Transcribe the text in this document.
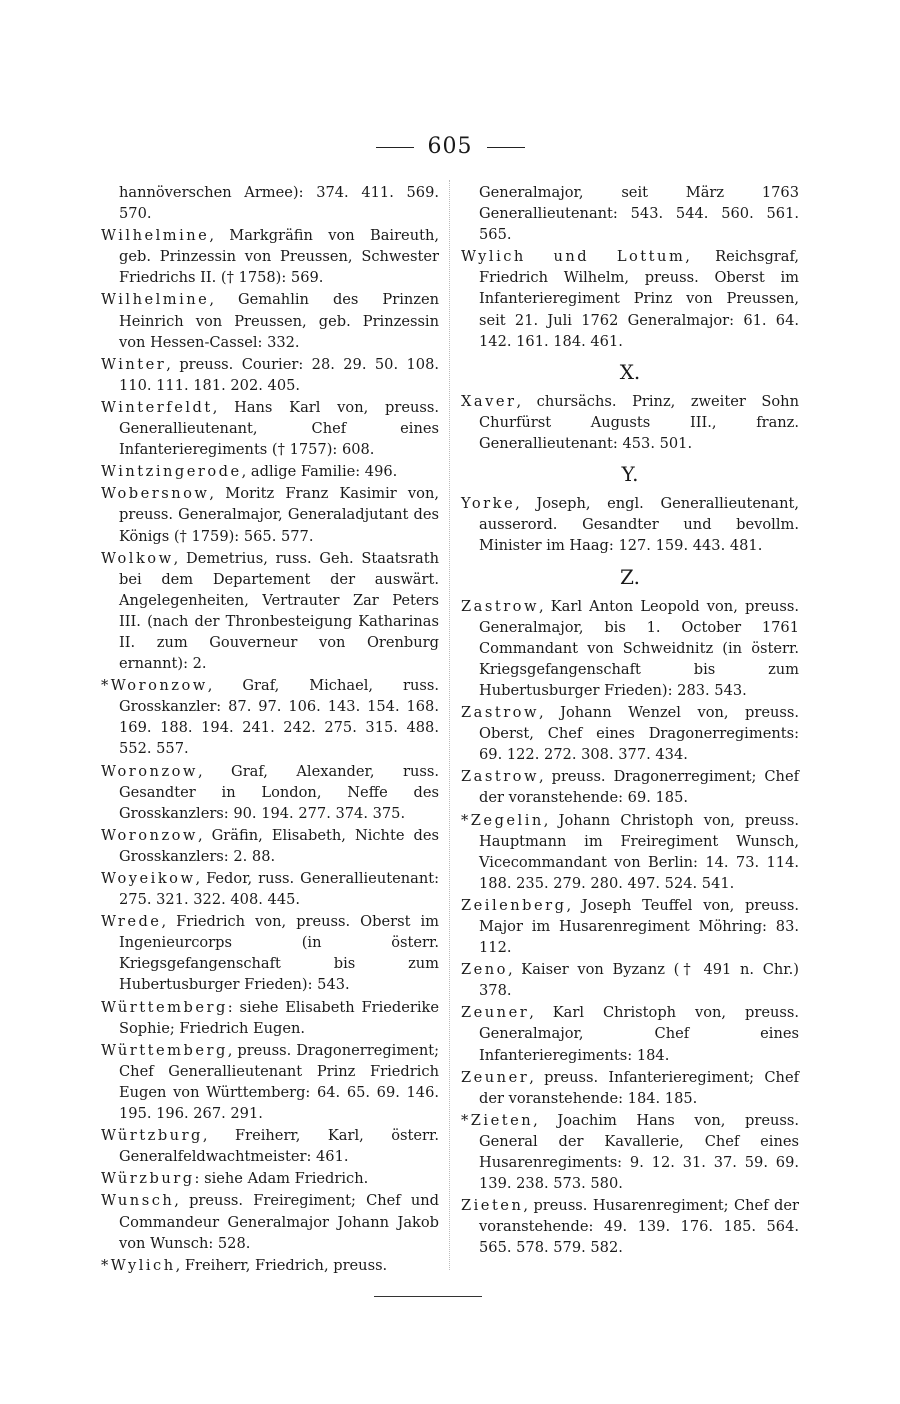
605

hannöverschen Armee): 374. 411. 569. 570.

Wilhelmine, Markgräfin von Baireuth, geb. Prinzessin von Preussen, Schwester Friedrichs II. († 1758): 569.

Wilhelmine, Gemahlin des Prinzen Heinrich von Preussen, geb. Prinzessin von Hessen-Cassel: 332.

Winter, preuss. Courier: 28. 29. 50. 108. 110. 111. 181. 202. 405.

Winterfeldt, Hans Karl von, preuss. Generallieutenant, Chef eines Infanterieregiments († 1757): 608.

Wintzingerode, adlige Familie: 496.

Wobersnow, Moritz Franz Kasimir von, preuss. Generalmajor, Generaladjutant des Königs († 1759): 565. 577.

Wolkow, Demetrius, russ. Geh. Staatsrath bei dem Departement der auswärt. Angelegenheiten, Vertrauter Zar Peters III. (nach der Thronbesteigung Katharinas II. zum Gouverneur von Orenburg ernannt): 2.

*Woronzow, Graf, Michael, russ. Grosskanzler: 87. 97. 106. 143. 154. 168. 169. 188. 194. 241. 242. 275. 315. 488. 552. 557.

Woronzow, Graf, Alexander, russ. Gesandter in London, Neffe des Grosskanzlers: 90. 194. 277. 374. 375.

Woronzow, Gräfin, Elisabeth, Nichte des Grosskanzlers: 2. 88.

Woyeikow, Fedor, russ. Generallieutenant: 275. 321. 322. 408. 445.

Wrede, Friedrich von, preuss. Oberst im Ingenieurcorps (in österr. Kriegsgefangenschaft bis zum Hubertusburger Frieden): 543.

Württemberg: siehe Elisabeth Friederike Sophie; Friedrich Eugen.

Württemberg, preuss. Dragonerregiment; Chef Generallieutenant Prinz Friedrich Eugen von Württemberg: 64. 65. 69. 146. 195. 196. 267. 291.

Würtzburg, Freiherr, Karl, österr. Generalfeldwachtmeister: 461.

Würzburg: siehe Adam Friedrich.

Wunsch, preuss. Freiregiment; Chef und Commandeur Generalmajor Johann Jakob von Wunsch: 528.

*Wylich, Freiherr, Friedrich, preuss.

Generalmajor, seit März 1763 Generallieutenant: 543. 544. 560. 561. 565.

Wylich und Lottum, Reichsgraf, Friedrich Wilhelm, preuss. Oberst im Infanterieregiment Prinz von Preussen, seit 21. Juli 1762 Generalmajor: 61. 64. 142. 161. 184. 461.

X.

Xaver, chursächs. Prinz, zweiter Sohn Churfürst Augusts III., franz. Generallieutenant: 453. 501.

Y.

Yorke, Joseph, engl. Generallieutenant, ausserord. Gesandter und bevollm. Minister im Haag: 127. 159. 443. 481.

Z.

Zastrow, Karl Anton Leopold von, preuss. Generalmajor, bis 1. October 1761 Commandant von Schweidnitz (in österr. Kriegsgefangenschaft bis zum Hubertusburger Frieden): 283. 543.

Zastrow, Johann Wenzel von, preuss. Oberst, Chef eines Dragonerregiments: 69. 122. 272. 308. 377. 434.

Zastrow, preuss. Dragonerregiment; Chef der voranstehende: 69. 185.

*Zegelin, Johann Christoph von, preuss. Hauptmann im Freiregiment Wunsch, Vicecommandant von Berlin: 14. 73. 114. 188. 235. 279. 280. 497. 524. 541.

Zeilenberg, Joseph Teuffel von, preuss. Major im Husarenregiment Möhring: 83. 112.

Zeno, Kaiser von Byzanz († 491 n. Chr.) 378.

Zeuner, Karl Christoph von, preuss. Generalmajor, Chef eines Infanterieregiments: 184.

Zeuner, preuss. Infanterieregiment; Chef der voranstehende: 184. 185.

*Zieten, Joachim Hans von, preuss. General der Kavallerie, Chef eines Husarenregiments: 9. 12. 31. 37. 59. 69. 139. 238. 573. 580.

Zieten, preuss. Husarenregiment; Chef der voranstehende: 49. 139. 176. 185. 564. 565. 578. 579. 582.
